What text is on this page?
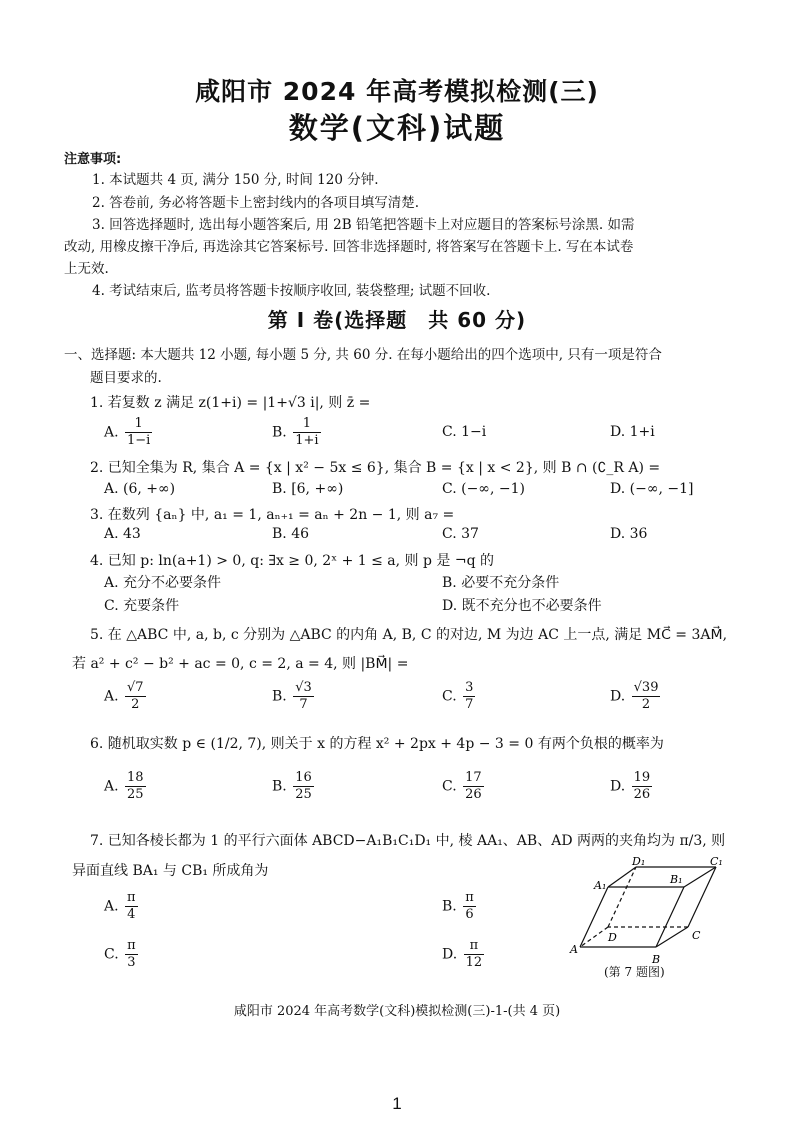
咸阳市 2024 年高考模拟检测(三)
数学(文科)试题
注意事项:
1. 本试题共 4 页, 满分 150 分, 时间 120 分钟.
2. 答卷前, 务必将答题卡上密封线内的各项目填写清楚.
3. 回答选择题时, 选出每小题答案后, 用 2B 铅笔把答题卡上对应题目的答案标号涂黑. 如需
改动, 用橡皮擦干净后, 再选涂其它答案标号. 回答非选择题时, 将答案写在答题卡上. 写在本试卷
上无效.
4. 考试结束后, 监考员将答题卡按顺序收回, 装袋整理; 试题不回收.
第 Ⅰ 卷(选择题　共 60 分)
一、选择题: 本大题共 12 小题, 每小题 5 分, 共 60 分. 在每小题给出的四个选项中, 只有一项是符合
题目要求的.
1. 若复数 z 满足 z(1+i) = |1+√3 i|, 则 z̄ =
A. $\frac{1}{1-i}$	B. $\frac{1}{1+i}$	C. 1−i	D. 1+i
2. 已知全集为 R, 集合 A = {x | x² − 5x ≤ 6}, 集合 B = {x | x < 2}, 则 B ∩ (∁_R A) =
A. (6, +∞)	B. [6, +∞)	C. (−∞, −1)	D. (−∞, −1]
3. 在数列 {aₙ} 中, a₁ = 1, aₙ₊₁ = aₙ + 2n − 1, 则 a₇ =
A. 43	B. 46	C. 37	D. 36
4. 已知 p: ln(a+1) > 0, q: ∃x ≥ 0, 2ˣ + 1 ≤ a, 则 p 是 ¬q 的
A. 充分不必要条件	B. 必要不充分条件
C. 充要条件	D. 既不充分也不必要条件
5. 在 △ABC 中, a, b, c 分别为 △ABC 的内角 A, B, C 的对边, M 为边 AC 上一点, 满足 MC⃗ = 3AM⃗,
若 a² + c² − b² + ac = 0, c = 2, a = 4, 则 |BM⃗| =
A. $\frac{√7}{2}$	B. $\frac{√3}{7}$	C. $\frac{3}{7}$	D. $\frac{√39}{2}$
6. 随机取实数 p ∈ (1/2, 7), 则关于 x 的方程 x² + 2px + 4p − 3 = 0 有两个负根的概率为
A. $\frac{18}{25}$	B. $\frac{16}{25}$	C. $\frac{17}{26}$	D. $\frac{19}{26}$
7. 已知各棱长都为 1 的平行六面体 ABCD−A₁B₁C₁D₁ 中, 棱 AA₁、AB、AD 两两的夹角均为 π/3, 则
异面直线 BA₁ 与 CB₁ 所成角为
A. $\frac{\pi}{4}$	B. $\frac{\pi}{6}$
C. $\frac{\pi}{3}$	D. $\frac{\pi}{12}$	A
B
C
D
A₁	B₁
C₁
D₁
(第 7 题图)
咸阳市 2024 年高考数学(文科)模拟检测(三)-1-(共 4 页)
1
